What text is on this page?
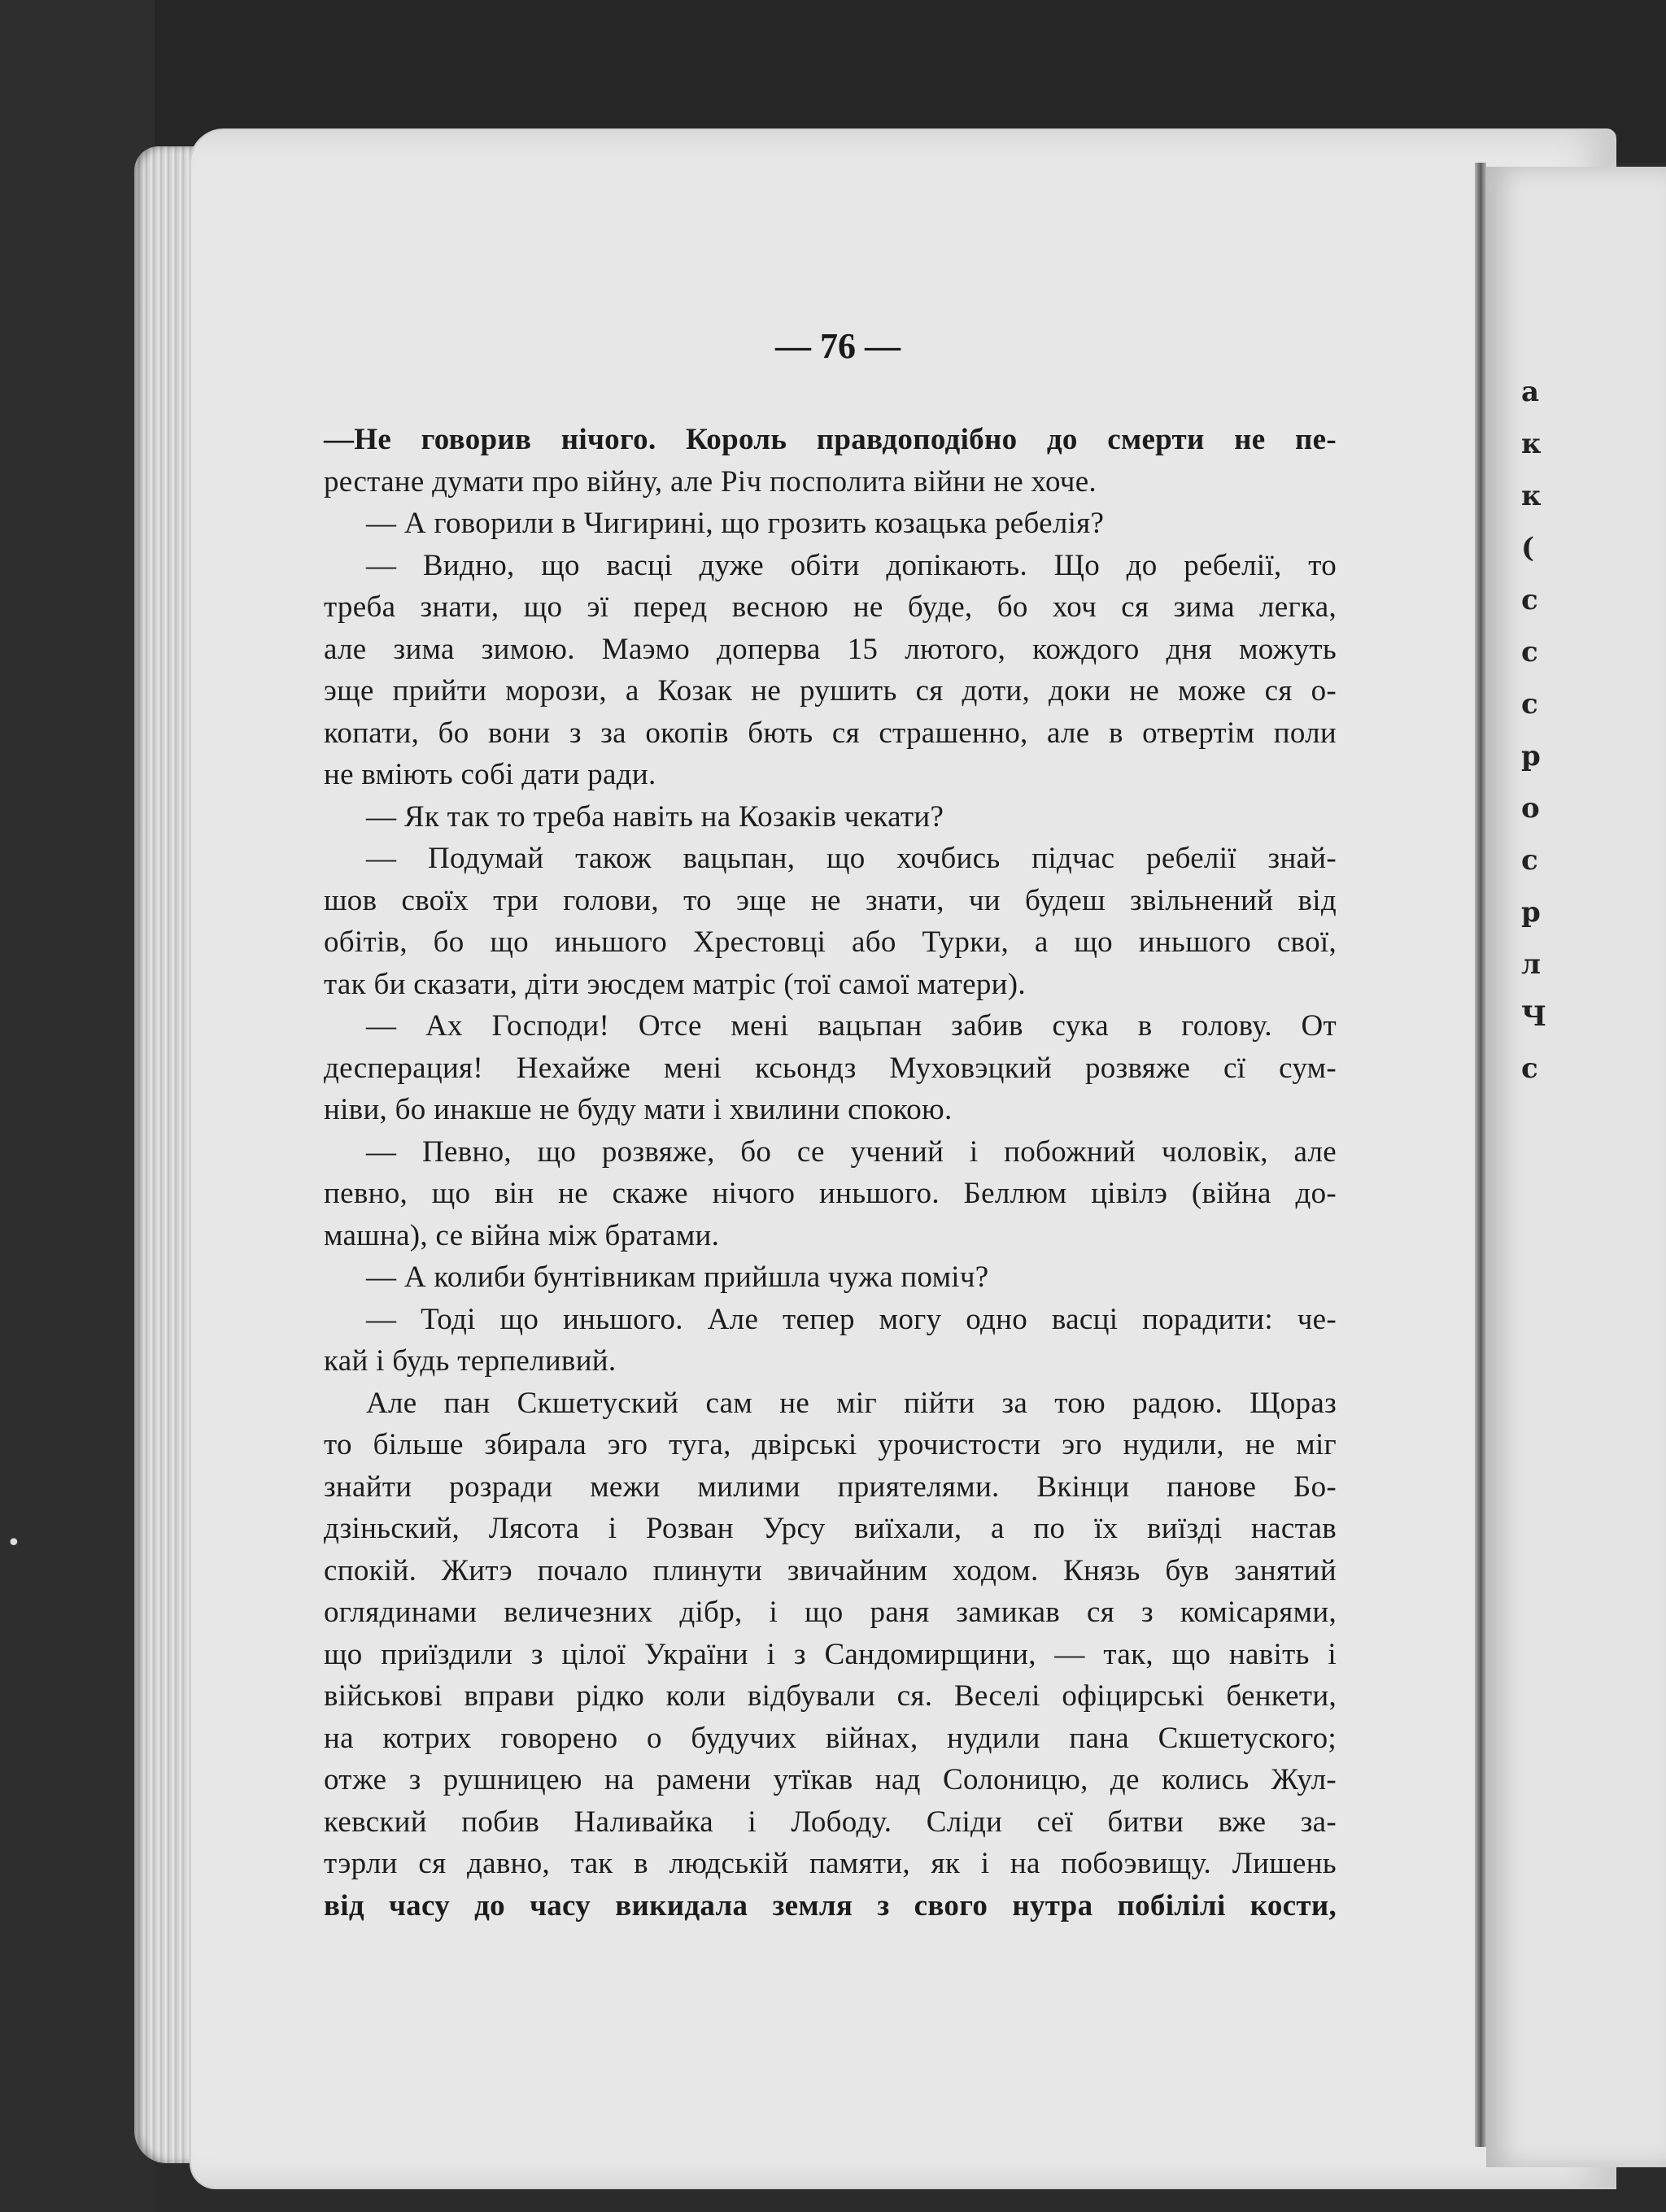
а
к
к
(
с
с
с
р
о
с
р
л
Ч
с
— 76 —
—Не говорив нічого. Король правдоподібно до смерти не пе-
рестане думати про війну, але Річ посполита війни не хоче.
— А говорили в Чигирині, що грозить козацька ребелія?
— Видно, що васці дуже обіти допікають. Що до ребелії, то
треба знати, що эї перед весною не буде, бо хоч ся зима легка,
але зима зимою. Маэмо доперва 15 лютого, кождого дня можуть
эще прийти морози, а Козак не рушить ся доти, доки не може ся о-
копати, бо вони з за окопів бють ся страшенно, але в отвертім поли
не вміють собі дати ради.
— Як так то треба навіть на Козаків чекати?
— Подумай також вацьпан, що хочбись підчас ребелії знай-
шов своїх три голови, то эще не знати, чи будеш звільнений від
обітів, бо що иньшого Хрестовці або Турки, а що иньшого свої,
так би сказати, діти эюсдем матріс (тої самої матери).
— Ах Господи! Отсе мені вацьпан забив сука в голову. От
десперация! Нехайже мені ксьондз Муховэцкий розвяже сї сум-
ніви, бо инакше не буду мати і хвилини спокою.
— Певно, що розвяже, бо се учений і побожний чоловік, але
певно, що він не скаже нічого иньшого. Беллюм цівілэ (війна до-
машна), се війна між братами.
— А колиби бунтівникам прийшла чужа поміч?
— Тоді що иньшого. Але тепер могу одно васці порадити: че-
кай і будь терпеливий.
Але пан Скшетуский сам не міг пійти за тою радою. Щораз
то більше збирала эго туга, двірські урочистости эго нудили, не міг
знайти розради межи милими приятелями. Вкінци панове Бо-
дзіньский, Лясота і Розван Урсу виїхали, а по їх виїзді настав
спокій. Житэ почало плинути звичайним ходом. Князь був занятий
оглядинами величезних дібр, і що раня замикав ся з комісарями,
що приїздили з цілої України і з Сандомирщини, — так, що навіть і
військові вправи рідко коли відбували ся. Веселі офіцирські бенкети,
на котрих говорено о будучих війнах, нудили пана Скшетуского;
отже з рушницею на рамени утїкав над Солоницю, де колись Жул-
кевский побив Наливайка і Лободу. Сліди сеї битви вже за-
тэрли ся давно, так в людській памяти, як і на побоэвищу. Лишень
від часу до часу викидала земля з свого нутра побілілі кости,
•
